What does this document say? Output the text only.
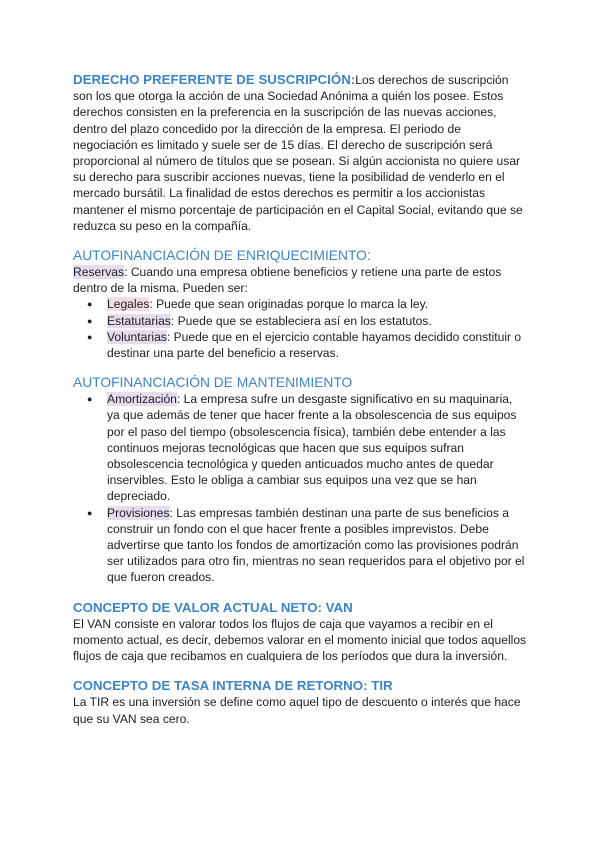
DERECHO PREFERENTE DE SUSCRIPCIÓN:Los derechos de suscripción son los que otorga la acción de una Sociedad Anónima a quién los posee. Estos derechos consisten en la preferencia en la suscripción de las nuevas acciones, dentro del plazo concedido por la dirección de la empresa. El periodo de negociación es limitado y suele ser de 15 días. El derecho de suscripción será proporcional al número de títulos que se posean. Si algún accionista no quiere usar su derecho para suscribir acciones nuevas, tiene la posibilidad de venderlo en el mercado bursátil. La finalidad de estos derechos es permitir a los accionistas mantener el mismo porcentaje de participación en el Capital Social, evitando que se reduzca su peso en la compañía.

AUTOFINANCIACIÓN DE ENRIQUECIMIENTO:

Reservas: Cuando una empresa obtiene beneficios y retiene una parte de estos dentro de la misma. Pueden ser:

● Legales: Puede que sean originadas porque lo marca la ley.
● Estatutarias: Puede que se estableciera así en los estatutos.
● Voluntarias: Puede que en el ejercicio contable hayamos decidido constituir o destinar una parte del beneficio a reservas.
AUTOFINANCIACIÓN DE MANTENIMIENTO
● Amortización: La empresa sufre un desgaste significativo en su maquinaria, ya que además de tener que hacer frente a la obsolescencia de sus equipos por el paso del tiempo (obsolescencia física), también debe entender a las continuos mejoras tecnológicas que hacen que sus equipos sufran obsolescencia tecnológica y queden anticuados mucho antes de quedar inservibles. Esto le obliga a cambiar sus equipos una vez que se han depreciado.
● Provisiones: Las empresas también destinan una parte de sus beneficios a construir un fondo con el que hacer frente a posibles imprevistos. Debe advertirse que tanto los fondos de amortización como las provisiones podrán ser utilizados para otro fin, mientras no sean requeridos para el objetivo por el que fueron creados.
CONCEPTO DE VALOR ACTUAL NETO: VAN

El VAN consiste en valorar todos los flujos de caja que vayamos a recibir en el momento actual, es decir, debemos valorar en el momento inicial que todos aquellos flujos de caja que recibamos en cualquiera de los períodos que dura la inversión.

CONCEPTO DE TASA INTERNA DE RETORNO: TIR

La TIR es una inversión se define como aquel tipo de descuento o interés que hace que su VAN sea cero.
